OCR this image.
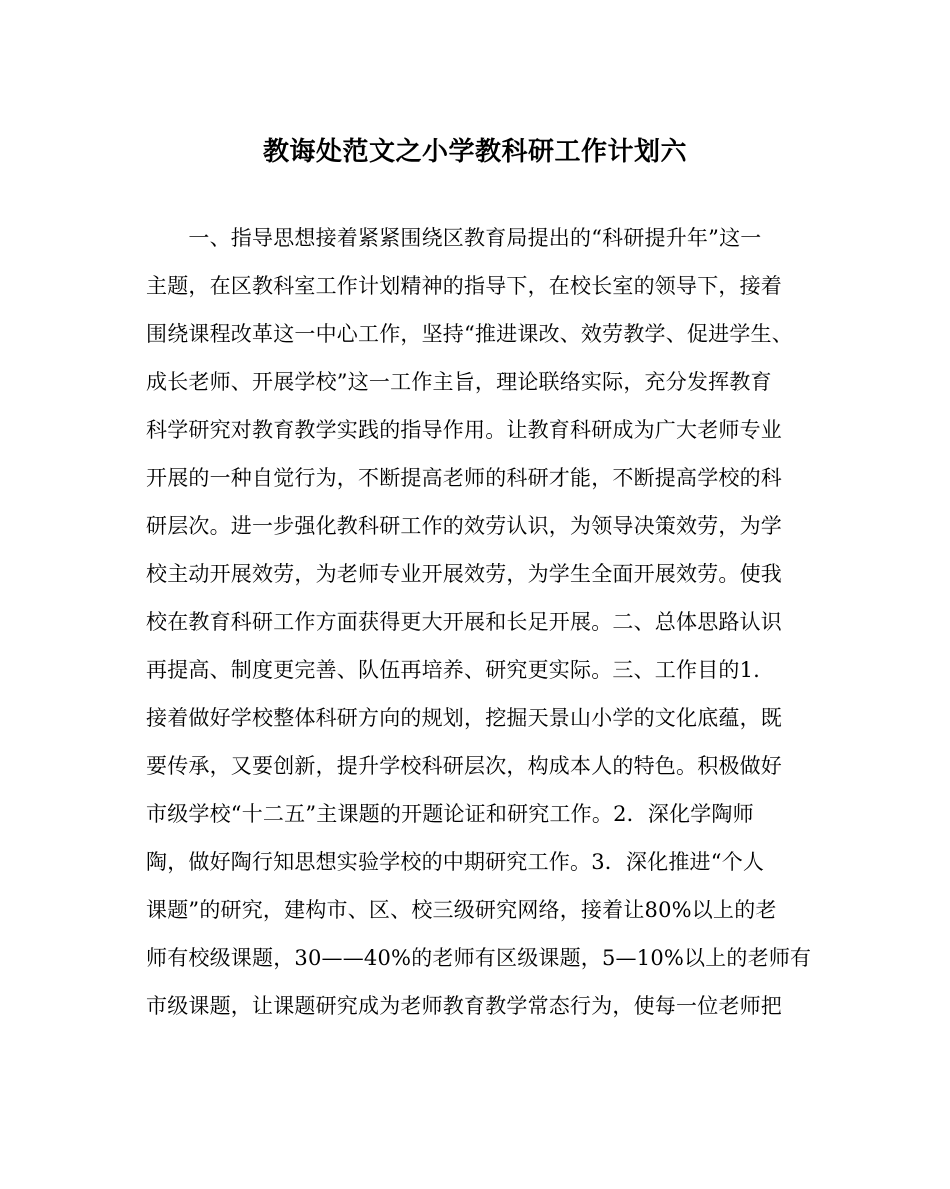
教诲处范文之小学教科研工作计划六
　　一、指导思想接着紧紧围绕区教育局提出的“科研提升年”这一
主题，在区教科室工作计划精神的指导下，在校长室的领导下，接着
围绕课程改革这一中心工作，坚持“推进课改、效劳教学、促进学生、
成长老师、开展学校”这一工作主旨，理论联络实际，充分发挥教育
科学研究对教育教学实践的指导作用。让教育科研成为广大老师专业
开展的一种自觉行为，不断提高老师的科研才能，不断提高学校的科
研层次。进一步强化教科研工作的效劳认识，为领导决策效劳，为学
校主动开展效劳，为老师专业开展效劳，为学生全面开展效劳。使我
校在教育科研工作方面获得更大开展和长足开展。二、总体思路认识
再提高、制度更完善、队伍再培养、研究更实际。三、工作目的1.
接着做好学校整体科研方向的规划，挖掘天景山小学的文化底蕴，既
要传承，又要创新，提升学校科研层次，构成本人的特色。积极做好
市级学校“十二五”主课题的开题论证和研究工作。2．深化学陶师
陶，做好陶行知思想实验学校的中期研究工作。3．深化推进“个人
课题”的研究，建构市、区、校三级研究网络，接着让80%以上的老
师有校级课题，30——40%的老师有区级课题，5—10%以上的老师有
市级课题，让课题研究成为老师教育教学常态行为，使每一位老师把
